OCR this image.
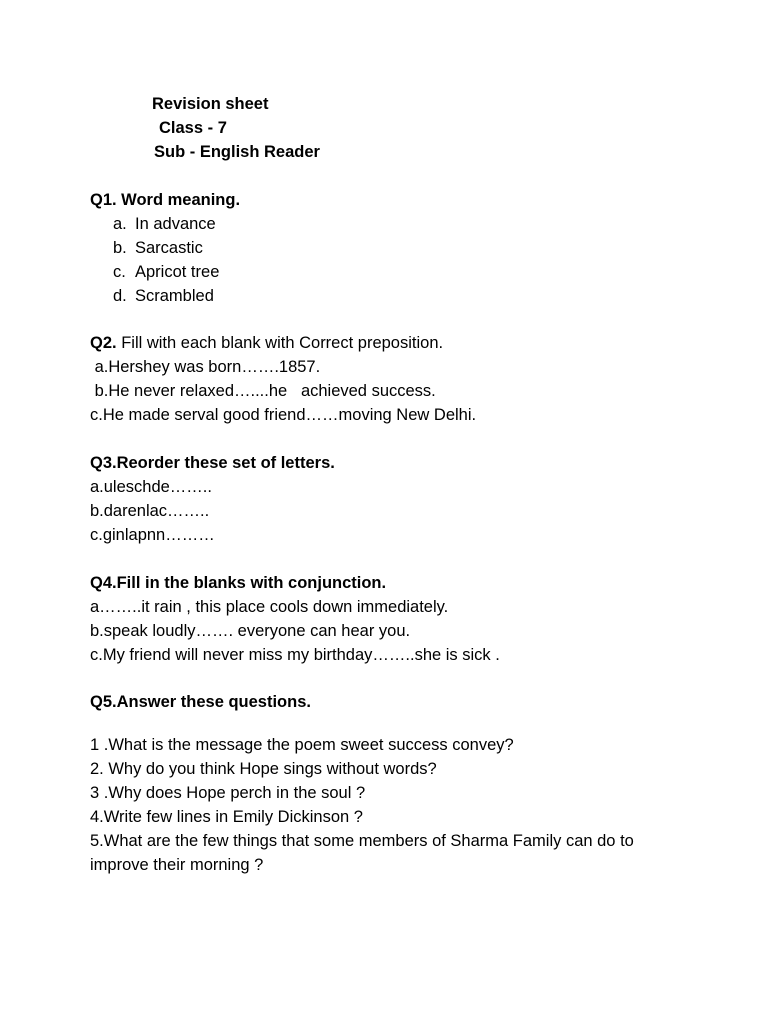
Revision sheet
Class - 7
Sub - English Reader
Q1. Word meaning.
a. In advance
b. Sarcastic
c. Apricot tree
d. Scrambled
Q2. Fill with each blank with Correct preposition.
a.Hershey was born…….1857.
b.He never relaxed…....he   achieved success.
c.He made serval good friend……moving New Delhi.
Q3.Reorder these set of letters.
a.uleschde……..
b.darenlac……..
c.ginlapnn………
Q4.Fill in the blanks with conjunction.
a……..it rain , this place cools down immediately.
b.speak loudly……. everyone can hear you.
c.My friend will never miss my birthday……..she is sick .
Q5.Answer these questions.
1 .What is the message the poem sweet success convey?
2. Why do you think Hope sings without words?
3 .Why does Hope perch in the soul ?
4.Write few lines in Emily Dickinson ?
5.What are the few things that some members of Sharma Family can do to
improve their morning ?
